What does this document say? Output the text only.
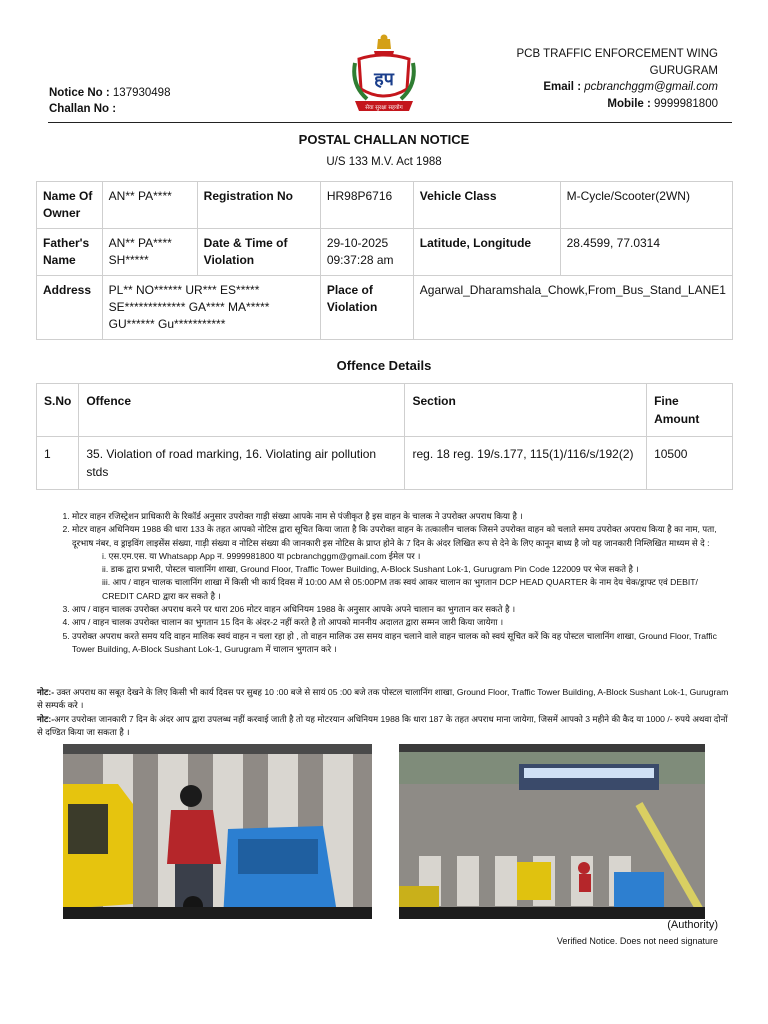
Notice No : 137930498
Challan No :
हप
सेवा सुरक्षा सहयोग
PCB TRAFFIC ENFORCEMENT WING
GURUGRAM
Email : pcbranchggm@gmail.com
Mobile : 9999981800
POSTAL CHALLAN NOTICE
U/S 133 M.V. Act 1988
Name Of Owner	AN** PA****	Registration No	HR98P6716	Vehicle Class	M-Cycle/Scooter(2WN)
Father's Name	AN** PA**** SH*****	Date & Time of Violation	29-10-2025 09:37:28 am	Latitude, Longitude	28.4599, 77.0314
Address	PL** NO****** UR*** ES***** SE************* GA**** MA***** GU****** Gu***********		Place of Violation	Agarwal_Dharamshala_Chowk,From_Bus_Stand_LANE1	
Offence Details
S.No	Offence	Section	Fine Amount
1	35. Violation of road marking, 16. Violating air pollution stds	reg. 18 reg. 19/s.177, 115(1)/116/s/192(2)	10500
1. मोटर वाहन रजिस्ट्रेशन प्राधिकारी के रिकॉर्ड अनुसार उपरोक्त गाड़ी संख्या आपके नाम से पंजीकृत है इस वाहन के चालक ने उपरोक्त अपराध किया है ।
2. मोटर वाहन अधिनियम 1988 की धारा 133 के तहत आपको नोटिस द्वारा सूचित किया जाता है कि उपरोक्त वाहन के तत्कालीन चालक जिसने उपरोक्त वाहन को चलाते समय उपरोक्त अपराध किया है का नाम, पता, दूरभाष नंबर, व ड्राइविंग लाइसेंस संख्या, गाड़ी संख्या व नोटिस संख्या की जानकारी इस नोटिस के प्राप्त होने के 7 दिन के अंदर लिखित रूप से देने के लिए कानून बाध्य है जो यह जानकारी निम्लिखित माध्यम से दे :
i. एस.एम.एस. या Whatsapp App न. 9999981800 या pcbranchggm@gmail.com ईमेल पर ।
ii. डाक द्वारा प्रभारी, पोस्टल चालानिंग शाखा, Ground Floor, Traffic Tower Building, A-Block Sushant Lok-1, Gurugram Pin Code 122009 पर भेज सकते है ।
iii. आप / वाहन चालक चालानिंग शाखा में किसी भी कार्य दिवस में 10:00 AM से 05:00PM तक स्वयं आकर चालान का भुगतान DCP HEAD QUARTER के नाम देय चेक/ड्राफ्ट एवं DEBIT/ CREDIT CARD द्वारा कर सकते है ।
3. आप / वाहन चालक उपरोक्त अपराध करने पर धारा 206 मोटर वाहन अधिनियम 1988 के अनुसार आपके अपने चालान का भुगतान कर सकते है ।
4. आप / वाहन चालक उपरोक्त चालान का भुगतान 15 दिन के अंदर-2 नहीं करते है तो आपको माननीय अदालत द्वारा सम्मन जारी किया जायेगा ।
5. उपरोक्त अपराध करते समय यदि वाहन मालिक स्वयं वाहन न चला रहा हो , तो वाहन मालिक उस समय वाहन चलाने वाले वाहन चालक को स्वयं सूचित करें कि वह पोस्टल चालानिंग शाखा, Ground Floor, Traffic Tower Building, A-Block Sushant Lok-1, Gurugram में चालान भुगतान करे ।
नोट:- उक्त अपराध का सबूत देखने के लिए किसी भी कार्य दिवस पर सुबह 10 :00 बजे से सायं 05 :00 बजे तक पोस्टल चालानिंग शाखा, Ground Floor, Traffic Tower Building, A-Block Sushant Lok-1, Gurugram से सम्पर्क करे ।
नोट:-अगर उपरोक्त जानकारी 7 दिन के अंदर आप द्वारा उपलब्ध नहीं करवाई जाती है तो यह मोटरयान अधिनियम 1988 कि धारा 187 के तहत अपराध माना जायेगा, जिसमें आपको 3 महीने की कैद या 1000 /- रुपये अथवा दोनों से दण्डित किया जा सकता है ।
(Authority)
Verified Notice. Does not need signature
